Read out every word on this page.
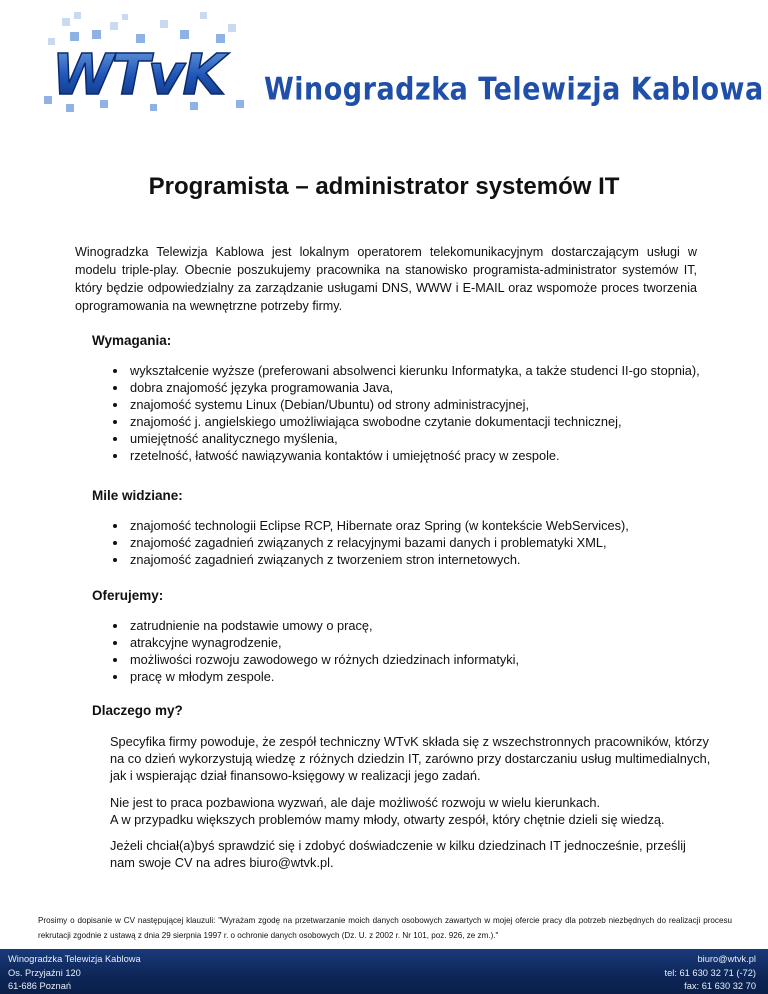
WTvK Winogradzka Telewizja Kablowa
Programista – administrator systemów IT

Winogradzka Telewizja Kablowa jest lokalnym operatorem telekomunikacyjnym dostarczającym usługi w modelu triple-play. Obecnie poszukujemy pracownika na stanowisko programista-administrator systemów IT, który będzie odpowiedzialny za zarządzanie usługami DNS, WWW i E-MAIL oraz wspomoże proces tworzenia oprogramowania na wewnętrzne potrzeby firmy.

Wymagania:
• wykształcenie wyższe (preferowani absolwenci kierunku Informatyka, a także studenci II-go stopnia),
• dobra znajomość języka programowania Java,
• znajomość systemu Linux (Debian/Ubuntu) od strony administracyjnej,
• znajomość j. angielskiego umożliwiająca swobodne czytanie dokumentacji technicznej,
• umiejętność analitycznego myślenia,
• rzetelność, łatwość nawiązywania kontaktów i umiejętność pracy w zespole.
Mile widziane:
• znajomość technologii Eclipse RCP, Hibernate oraz Spring (w kontekście WebServices),
• znajomość zagadnień związanych z relacyjnymi bazami danych i problematyki XML,
• znajomość zagadnień związanych z tworzeniem stron internetowych.
Oferujemy:
• zatrudnienie na podstawie umowy o pracę,
• atrakcyjne wynagrodzenie,
• możliwości rozwoju zawodowego w różnych dziedzinach informatyki,
• pracę w młodym zespole.
Dlaczego my?

Specyfika firmy powoduje, że zespół techniczny WTvK składa się z wszechstronnych pracowników, którzy na co dzień wykorzystują wiedzę z różnych dziedzin IT, zarówno przy dostarczaniu usług multimedialnych, jak i wspierając dział finansowo-księgowy w realizacji jego zadań.

Nie jest to praca pozbawiona wyzwań, ale daje możliwość rozwoju w wielu kierunkach.

A w przypadku większych problemów mamy młody, otwarty zespół, który chętnie dzieli się wiedzą.

Jeżeli chciał(a)byś sprawdzić się i zdobyć doświadczenie w kilku dziedzinach IT jednocześnie, prześlij nam swoje CV na adres biuro@wtvk.pl.

Prosimy o dopisanie w CV następującej klauzuli: "Wyrażam zgodę na przetwarzanie moich danych osobowych zawartych w mojej ofercie pracy dla potrzeb niezbędnych do realizacji procesu rekrutacji zgodnie z ustawą z dnia 29 sierpnia 1997 r. o ochronie danych osobowych (Dz. U. z 2002 r. Nr 101, poz. 926, ze zm.)."

Winogradzka Telewizja Kablowa
Os. Przyjaźni 120
61-686 Poznań
biuro@wtvk.pl
tel: 61 630 32 71 (-72)
fax: 61 630 32 70
